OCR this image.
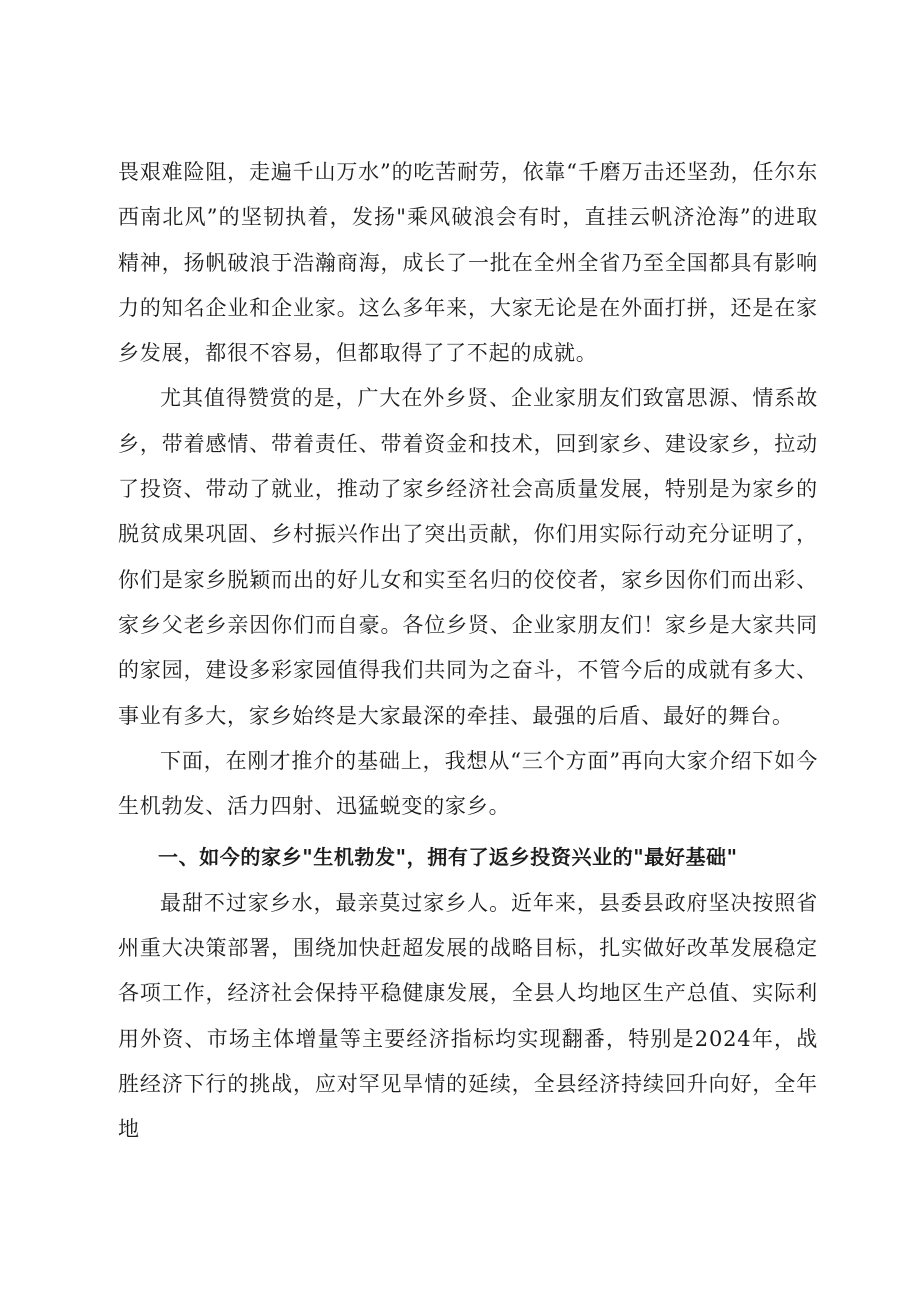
畏艰难险阻，走遍千山万水”的吃苦耐劳，依靠“千磨万击还坚劲，任尔东西南北风”的坚韧执着，发扬"乘风破浪会有时，直挂云帆济沧海”的进取精神，扬帆破浪于浩瀚商海，成长了一批在全州全省乃至全国都具有影响力的知名企业和企业家。这么多年来，大家无论是在外面打拼，还是在家乡发展，都很不容易，但都取得了了不起的成就。

尤其值得赞赏的是，广大在外乡贤、企业家朋友们致富思源、情系故乡，带着感情、带着责任、带着资金和技术，回到家乡、建设家乡，拉动了投资、带动了就业，推动了家乡经济社会高质量发展，特别是为家乡的脱贫成果巩固、乡村振兴作出了突出贡献，你们用实际行动充分证明了，你们是家乡脱颖而出的好儿女和实至名归的佼佼者，家乡因你们而出彩、家乡父老乡亲因你们而自豪。各位乡贤、企业家朋友们！家乡是大家共同的家园，建设多彩家园值得我们共同为之奋斗，不管今后的成就有多大、事业有多大，家乡始终是大家最深的牵挂、最强的后盾、最好的舞台。

下面，在刚才推介的基础上，我想从“三个方面”再向大家介绍下如今生机勃发、活力四射、迅猛蜕变的家乡。

一、如今的家乡"生机勃发"，拥有了返乡投资兴业的"最好基础"

最甜不过家乡水，最亲莫过家乡人。近年来，县委县政府坚决按照省州重大决策部署，围绕加快赶超发展的战略目标，扎实做好改革发展稳定各项工作，经济社会保持平稳健康发展，全县人均地区生产总值、实际利用外资、市场主体增量等主要经济指标均实现翻番，特别是2024年，战胜经济下行的挑战，应对罕见旱情的延续，全县经济持续回升向好，全年地
